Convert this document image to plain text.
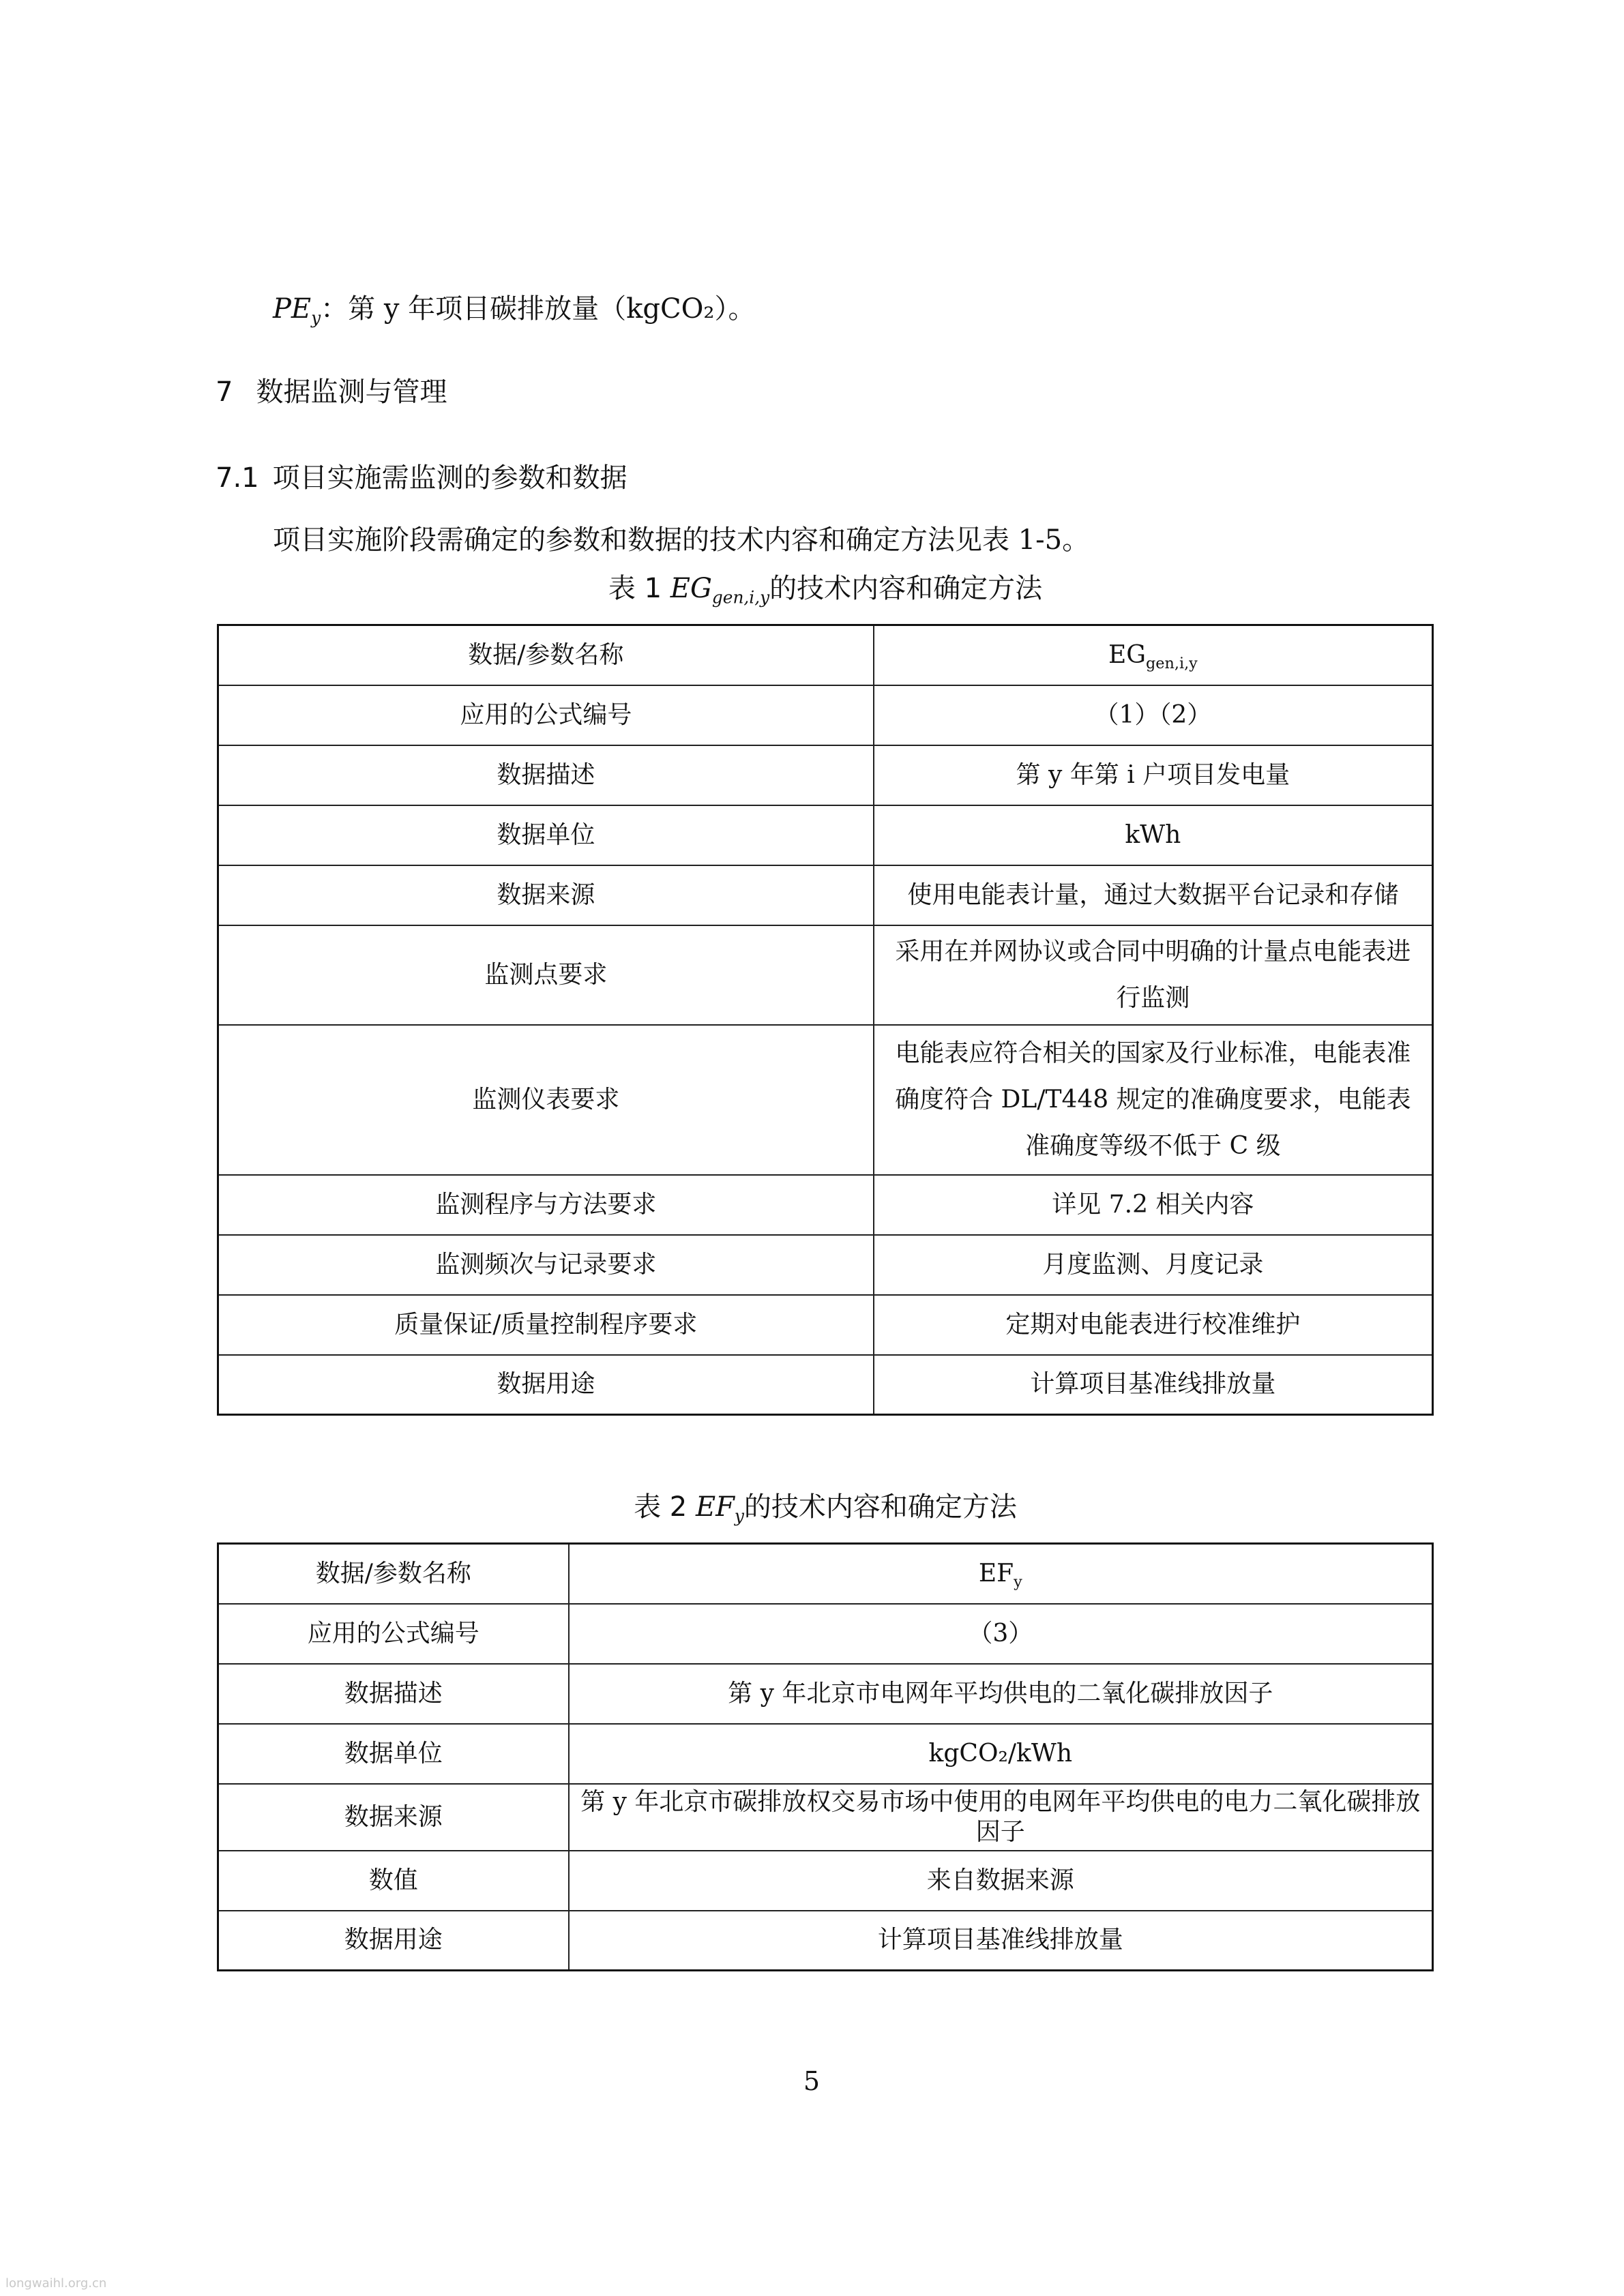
$PE_y$：第 y 年项目碳排放量（kgCO₂）。
7 数据监测与管理
7.1 项目实施需监测的参数和数据
项目实施阶段需确定的参数和数据的技术内容和确定方法见表 1-5。
表 1 $EG_{gen,i,y}$的技术内容和确定方法
数据/参数名称	$EG_{gen,i,y}$
应用的公式编号	（1）（2）
数据描述	第 y 年第 i 户项目发电量
数据单位	kWh
数据来源	使用电能表计量，通过大数据平台记录和存储
监测点要求	采用在并网协议或合同中明确的计量点电能表进行监测
监测仪表要求	电能表应符合相关的国家及行业标准，电能表准确度符合 DL/T448 规定的准确度要求，电能表准确度等级不低于 C 级
监测程序与方法要求	详见 7.2 相关内容
监测频次与记录要求	月度监测、月度记录
质量保证/质量控制程序要求	定期对电能表进行校准维护
数据用途	计算项目基准线排放量
表 2 $EF_y$的技术内容和确定方法
数据/参数名称	$EF_y$
应用的公式编号	（3）
数据描述	第 y 年北京市电网年平均供电的二氧化碳排放因子
数据单位	kgCO₂/kWh
数据来源	第 y 年北京市碳排放权交易市场中使用的电网年平均供电的电力二氧化碳排放因子
数值	来自数据来源
数据用途	计算项目基准线排放量
5
longwaihl.org.cn
